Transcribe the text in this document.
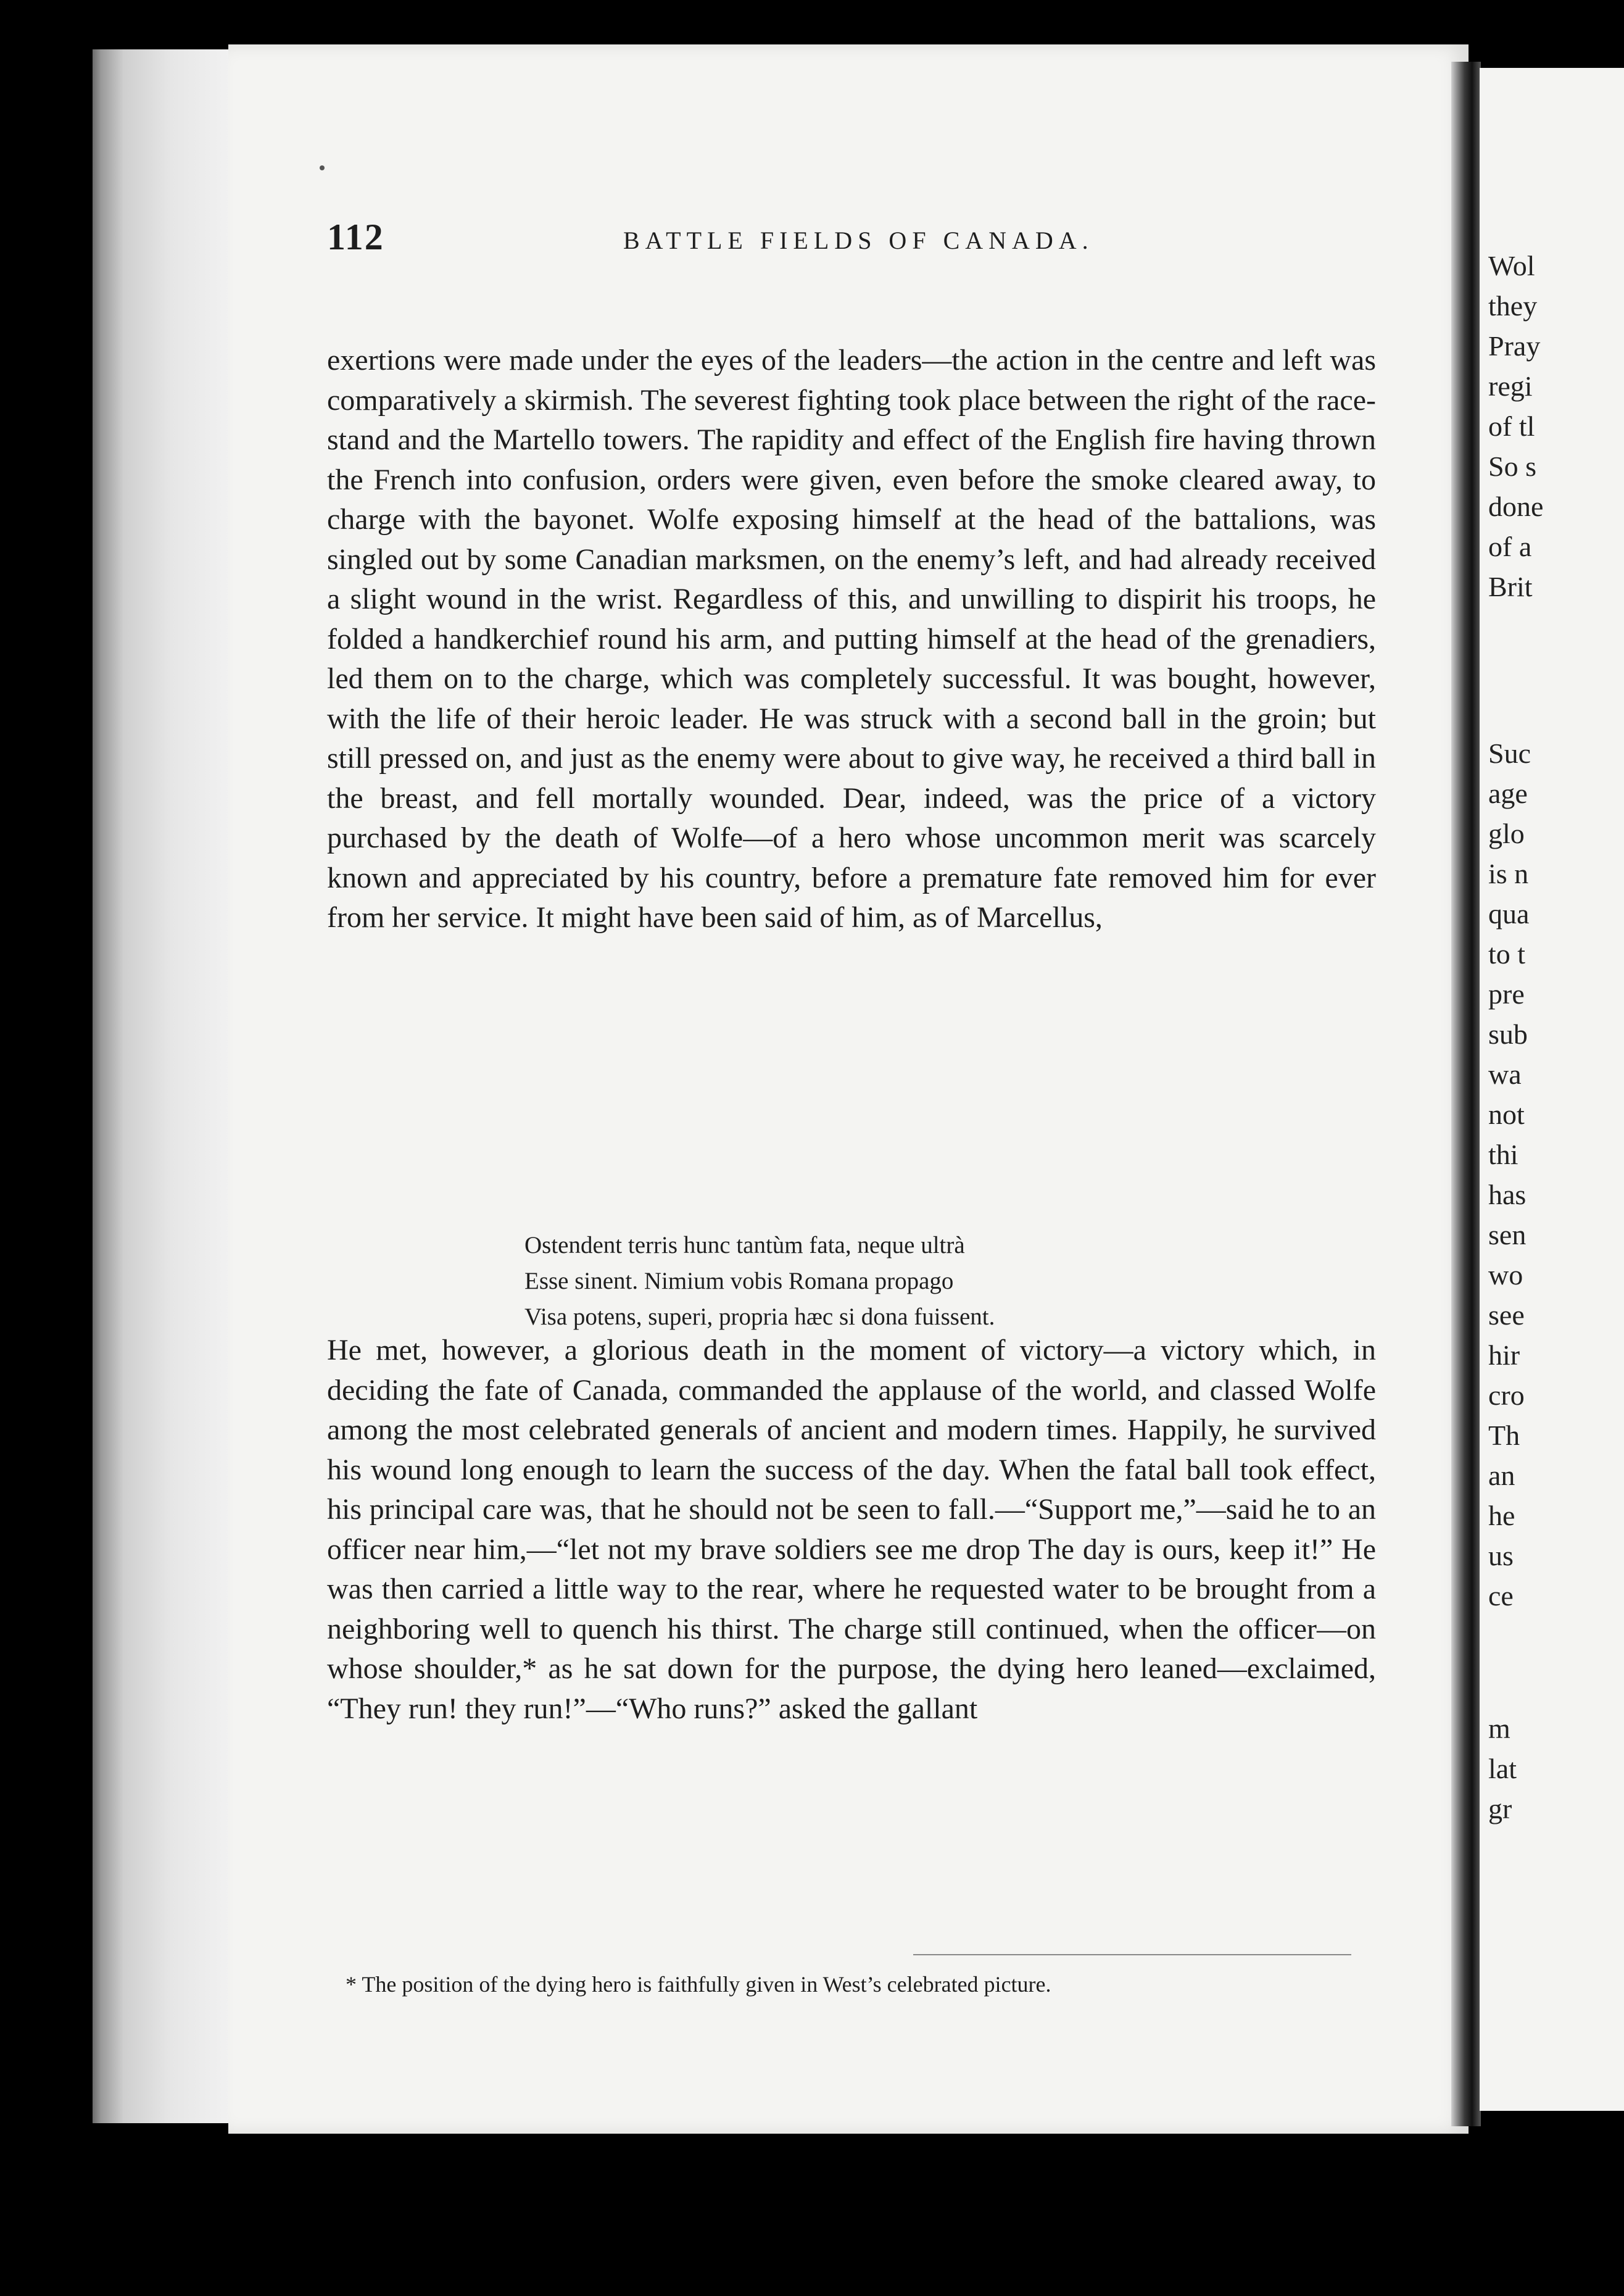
112	BATTLE FIELDS OF CANADA.

exertions were made under the eyes of the leaders—the action in the centre and left was comparatively a skirmish. The severest fighting took place between the right of the race-stand and the Martello towers. The rapidity and effect of the English fire having thrown the French into confusion, orders were given, even before the smoke cleared away, to charge with the bayonet. Wolfe exposing himself at the head of the battalions, was singled out by some Canadian marksmen, on the enemy’s left, and had already received a slight wound in the wrist. Regardless of this, and unwilling to dispirit his troops, he folded a handkerchief round his arm, and putting himself at the head of the grenadiers, led them on to the charge, which was completely successful. It was bought, however, with the life of their heroic leader. He was struck with a second ball in the groin; but still pressed on, and just as the enemy were about to give way, he received a third ball in the breast, and fell mortally wounded. Dear, indeed, was the price of a victory purchased by the death of Wolfe—of a hero whose uncommon merit was scarcely known and appreciated by his country, before a premature fate removed him for ever from her service. It might have been said of him, as of Marcellus,

Ostendent terris hunc tantùm fata, neque ultrà
Esse sinent. Nimium vobis Romana propago
Visa potens, superi, propria hæc si dona fuissent.

He met, however, a glorious death in the moment of victory—a victory which, in deciding the fate of Canada, commanded the applause of the world, and classed Wolfe among the most celebrated generals of ancient and modern times. Happily, he survived his wound long enough to learn the success of the day. When the fatal ball took effect, his principal care was, that he should not be seen to fall.—“Support me,”—said he to an officer near him,—“let not my brave soldiers see me drop The day is ours, keep it!” He was then carried a little way to the rear, where he requested water to be brought from a neighboring well to quench his thirst. The charge still continued, when the officer—on whose shoulder,* as he sat down for the purpose, the dying hero leaned—exclaimed, “They run! they run!”—“Who runs?” asked the gallant

* The position of the dying hero is faithfully given in West’s celebrated picture.

Wol
they
Pray
regi
of tl
So s
done
of a
Brit
Suc
age
glo
is n
qua
to t
pre
sub
wa
not
thi
has
sen
wo
see
hir
cro
Th
an
he
us
ce
m
lat
gr
